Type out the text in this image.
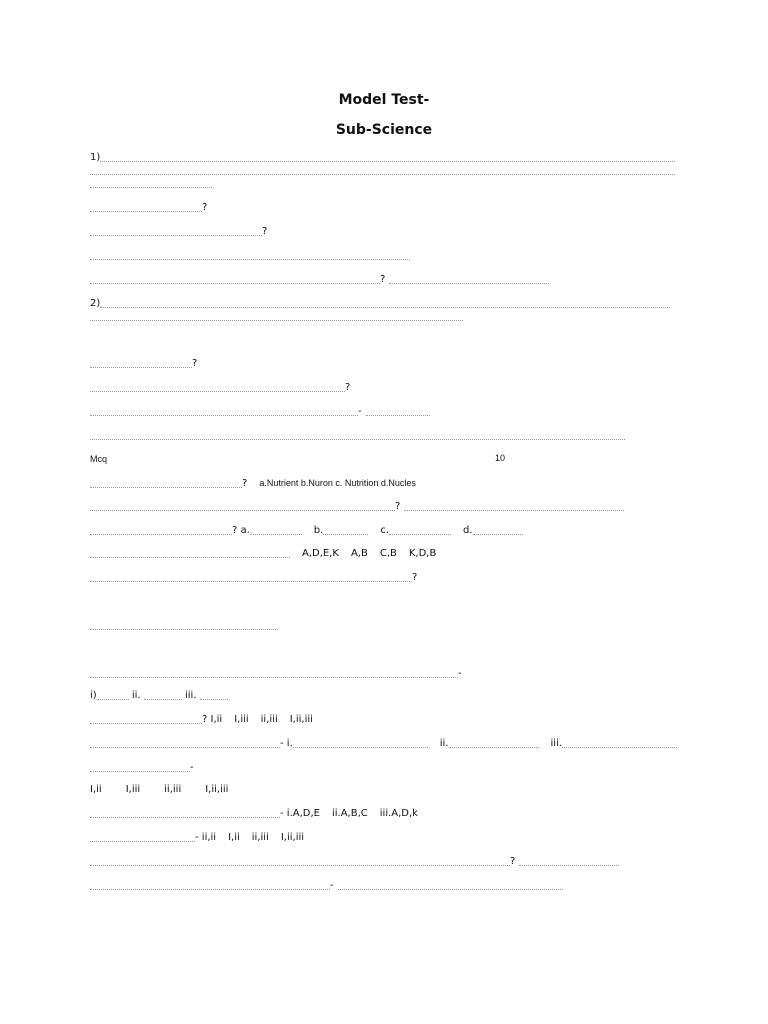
Model Test-
Sub-Science
1)
?
?
?
2)
?
?
-
Mcq	10
? a.Nutrient b.Nuron c. Nutrition d.Nucles
?
? a.	b.	c.	d.
A,D,E,K A,B C,B K,D,B
?
-
i)	ii.	iii.
? I,ii I,iii ii,iii I,ii,iii
- i.	ii.	iii.
-
I,ii I,iii ii,iii I,ii,iii
- i.A,D,E ii.A,B,C iii.A,D,k
- ii,ii I,ii ii,iii I,ii,iii
?
-
